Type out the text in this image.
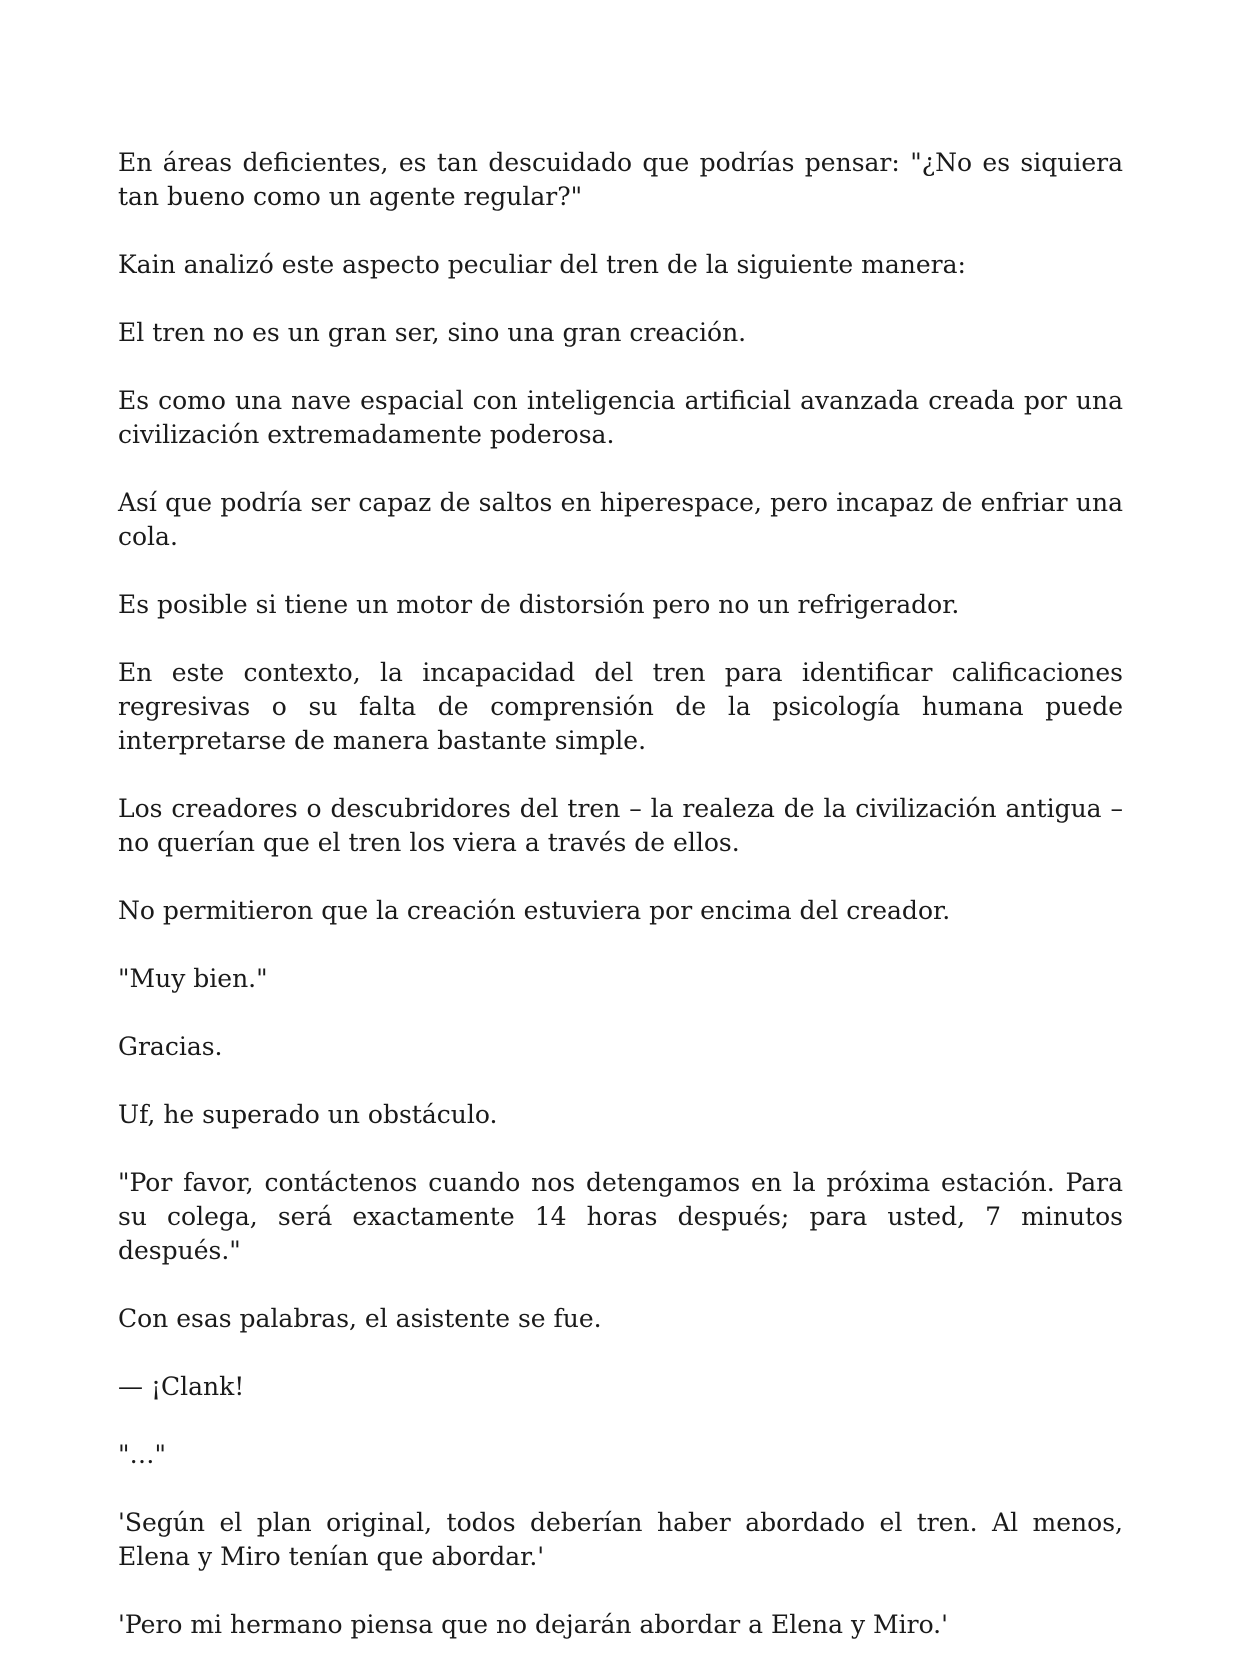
En áreas deficientes, es tan descuidado que podrías pensar: "¿No es siquiera tan bueno como un agente regular?"

Kain analizó este aspecto peculiar del tren de la siguiente manera:

El tren no es un gran ser, sino una gran creación.

Es como una nave espacial con inteligencia artificial avanzada creada por una civilización extremadamente poderosa.

Así que podría ser capaz de saltos en hiperespace, pero incapaz de enfriar una cola.

Es posible si tiene un motor de distorsión pero no un refrigerador.

En este contexto, la incapacidad del tren para identificar calificaciones regresivas o su falta de comprensión de la psicología humana puede interpretarse de manera bastante simple.

Los creadores o descubridores del tren – la realeza de la civilización antigua – no querían que el tren los viera a través de ellos.

No permitieron que la creación estuviera por encima del creador.

"Muy bien."

Gracias.

Uf, he superado un obstáculo.

"Por favor, contáctenos cuando nos detengamos en la próxima estación. Para su colega, será exactamente 14 horas después; para usted, 7 minutos después."

Con esas palabras, el asistente se fue.

— ¡Clank!

"…"

'Según el plan original, todos deberían haber abordado el tren. Al menos, Elena y Miro tenían que abordar.'

'Pero mi hermano piensa que no dejarán abordar a Elena y Miro.'
